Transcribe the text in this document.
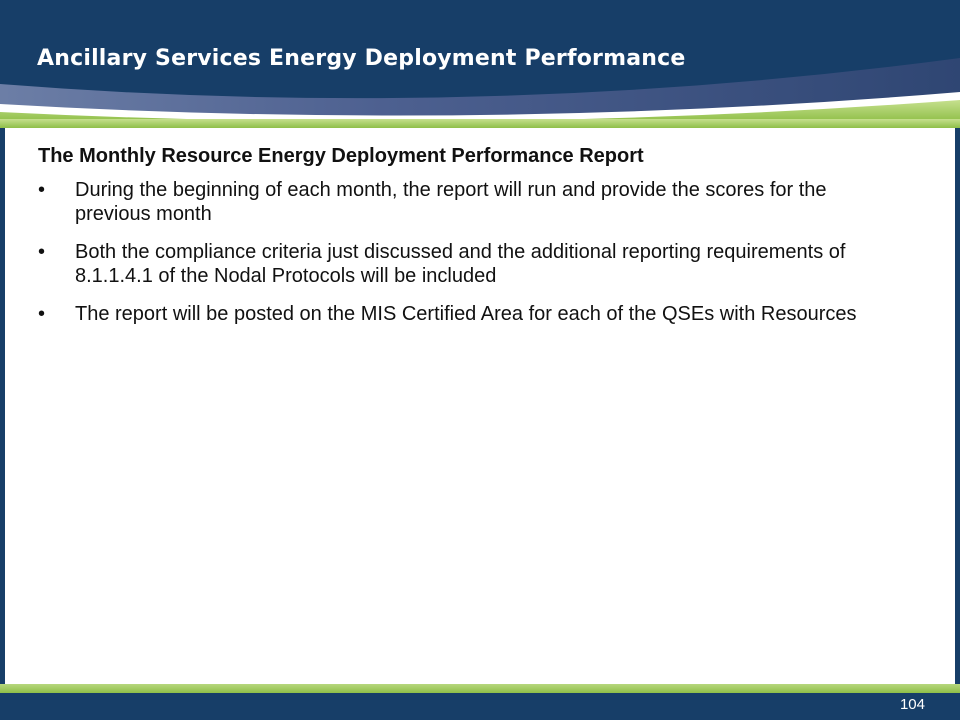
Ancillary Services Energy Deployment Performance

The Monthly Resource Energy Deployment Performance Report

• During the beginning of each month, the report will run and provide the scores for the previous month
• Both the compliance criteria just discussed and the additional reporting requirements of 8.1.1.4.1 of the Nodal Protocols will be included
• The report will be posted on the MIS Certified Area for each of the QSEs with Resources
104
